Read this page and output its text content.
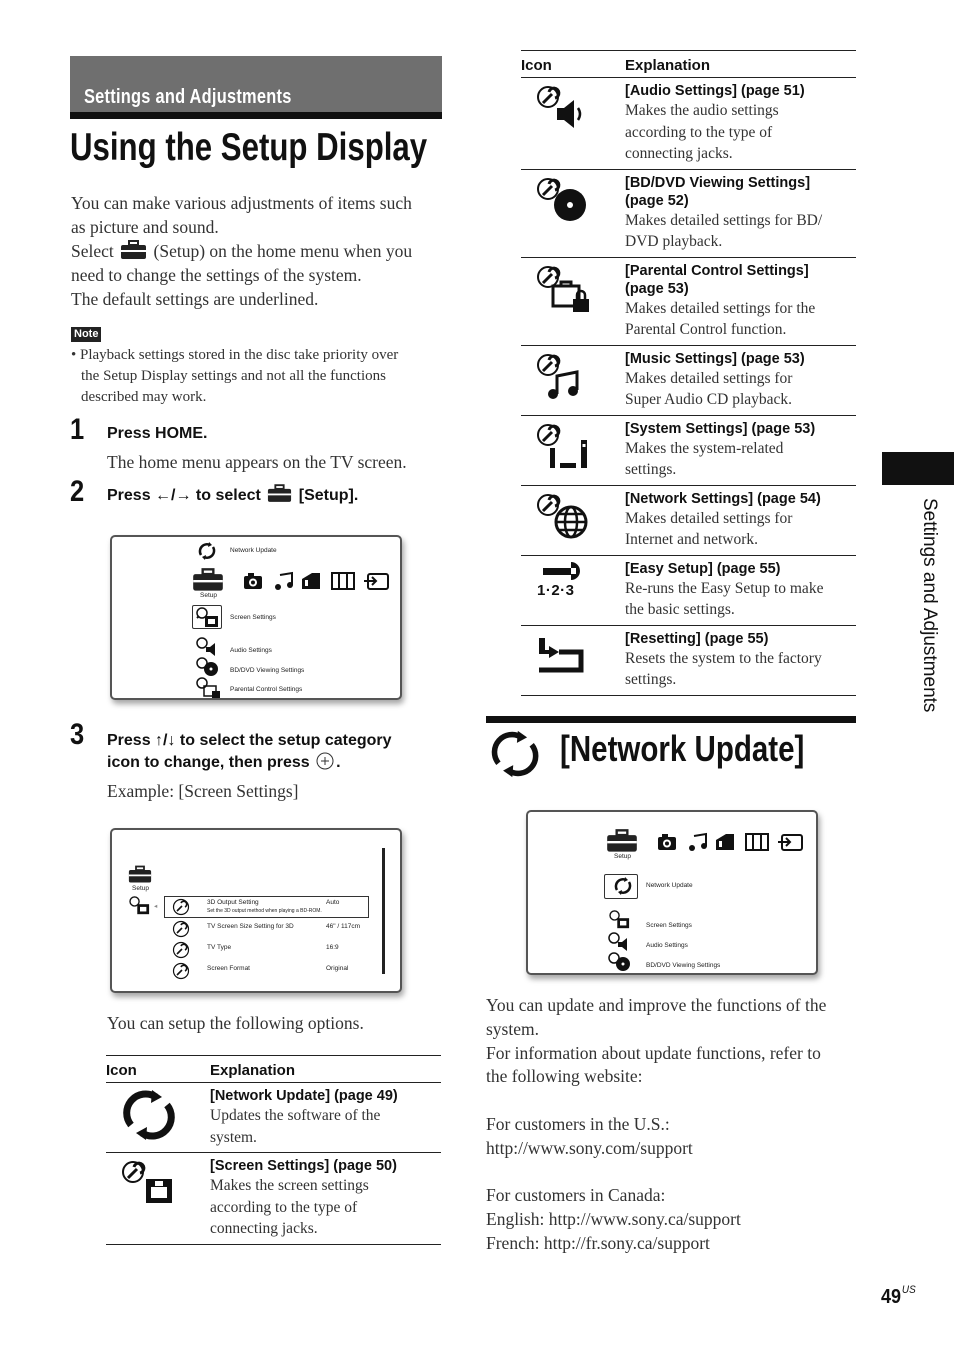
Settings and Adjustments
Using the Setup Display
You can make various adjustments of items such
as picture and sound.
Select (Setup) on the home menu when you
need to change the settings of the system.
The default settings are underlined.
Note
• Playback settings stored in the disc take priority over
the Setup Display settings and not all the functions
described may work.
1 Press HOME.
The home menu appears on the TV screen.
2 Press ←/→ to select [Setup].
Network Update
Setup
Screen Settings
Audio Settings
BD/DVD Viewing Settings
Parental Control Settings
3 Press ↑/↓ to select the setup category
icon to change, then press .
Example: [Screen Settings]
Setup
◂
3D Output Setting	Auto
Set the 3D output method when playing a BD-ROM.
TV Screen Size Setting for 3D	46" / 117cm
TV Type	16:9
Screen Format	Original
You can setup the following options.
Icon	Explanation

[Network Update] (page 49)
Updates the software of the
system.

[Screen Settings] (page 50)
Makes the screen settings
according to the type of
connecting jacks.
Icon	Explanation

[Audio Settings] (page 51)
Makes the audio settings
according to the type of
connecting jacks.

[BD/DVD Viewing Settings]
(page 52)
Makes detailed settings for BD/
DVD playback.

[Parental Control Settings]
(page 53)
Makes detailed settings for the
Parental Control function.

[Music Settings] (page 53)
Makes detailed settings for
Super Audio CD playback.

[System Settings] (page 53)
Makes the system-related
settings.

[Network Settings] (page 54)
Makes detailed settings for
Internet and network.

1·2·3	[Easy Setup] (page 55)
Re-runs the Easy Setup to make
the basic settings.

[Resetting] (page 55)
Resets the system to the factory
settings.
[Network Update]
Setup
Network Update
Screen Settings
Audio Settings
BD/DVD Viewing Settings
You can update and improve the functions of the
system.
For information about update functions, refer to
the following website:
For customers in the U.S.:
http://www.sony.com/support
For customers in Canada:
English: http://www.sony.ca/support
French: http://fr.sony.ca/support
Settings and Adjustments
$49^{US}$
